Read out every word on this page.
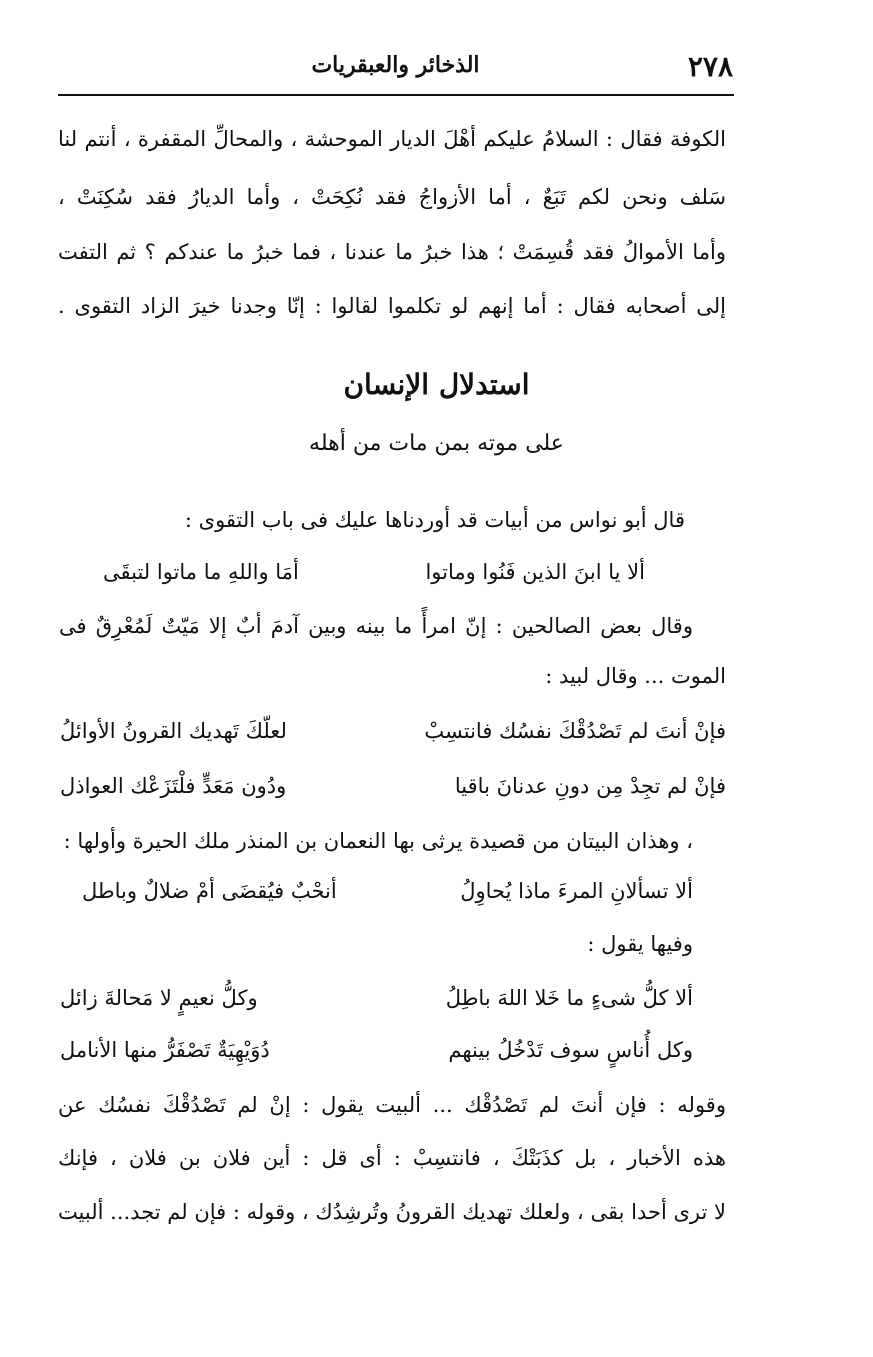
٢٧٨
الذخائر والعبقريات
الكوفة فقال : السلامُ عليكم أهْلَ الديار الموحشة ، والمحالِّ المقفرة ، أنتم لنا
سَلف ونحن لكم تَبَعٌ ، أما الأزواجُ فقد نُكِحَتْ ، وأما الديارُ فقد سُكِنَتْ ،
وأما الأموالُ فقد قُسِمَتْ ؛ هذا خبرُ ما عندنا ، فما خبرُ ما عندكم ؟ ثم التفت
إلى أصحابه فقال : أما إنهم لو تكلموا لقالوا : إنّا وجدنا خيرَ الزاد التقوى .
استدلال الإنسان
على موته بمن مات من أهله
قال أبو نواس من أبيات قد أوردناها عليك فى باب التقوى :
ألا يا ابنَ الذين فَنُوا وماتوا
أمَا واللهِ ما ماتوا لتبقَى
وقال بعض الصالحين : إنّ امرأً ما بينه وبين آدمَ أبٌ إلا مَيّتٌ لَمُعْرِقٌ فى
الموت ... وقال لبيد :
فإنْ أنتَ لم تَصْدُقْكَ نفسُك فانتسِبْ
لعلّكَ تَهديك القرونُ الأوائلُ
فإنْ لم تجِدْ مِن دونِ عدنانَ باقيا
ودُون مَعَدٍّ فلْتَزَعْك العواذل
، وهذان البيتان من قصيدة يرثى بها النعمان بن المنذر ملك الحيرة وأولها :
ألا تسألانِ المرءَ ماذا يُحاوِلُ
أنحْبٌ فيُقضَى أمْ ضلالٌ وباطل
وفيها يقول :
ألا كلُّ شىءٍ ما خَلا اللهَ باطِلُ
وكلُّ نعيمٍ لا مَحالةَ زائل
وكل أُناسٍ سوف تَدْخُلُ بينهم
دُوَيْهِيَةٌ تَصْفَرُّ منها الأنامل
وقوله : فإن أنتَ لم تَصْدُقْك ... ألبيت يقول : إنْ لم تَصْدُقْكَ نفسُك عن
هذه الأخبار ، بل كذَبَتْكَ ، فانتسِبْ : أى قل : أين فلان بن فلان ، فإنك
لا ترى أحدا بقى ، ولعلك تهديك القرونُ وتُرشِدُك ، وقوله : فإن لم تجد... ألبيت
